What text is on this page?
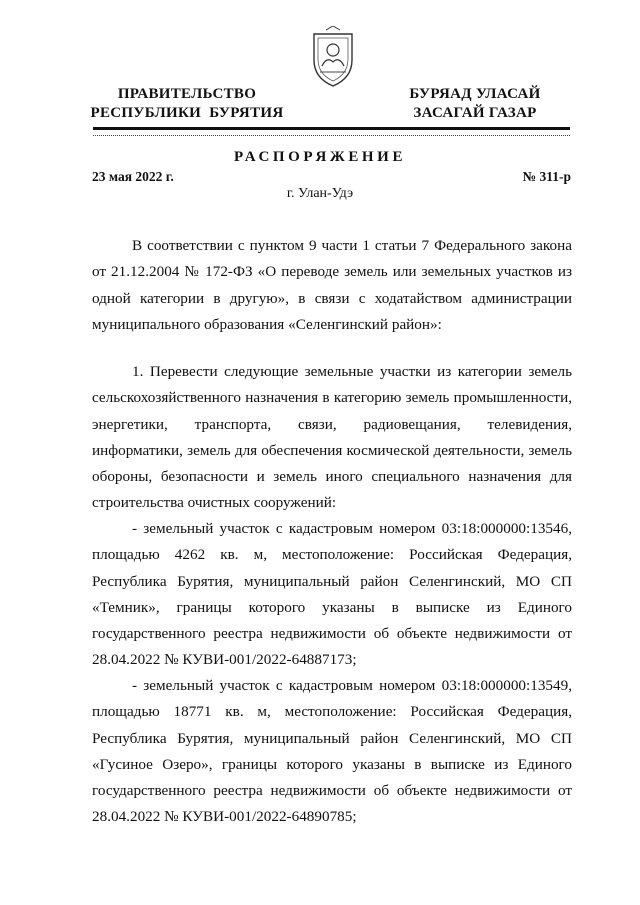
ПРАВИТЕЛЬСТВО
РЕСПУБЛИКИ  БУРЯТИЯ
БУРЯАД УЛАСАЙ
ЗАСАГАЙ ГАЗАР
РАСПОРЯЖЕНИЕ
23 мая 2022 г.	№ 311-р
г. Улан-Удэ

В соответствии с пунктом 9 части 1 статьи 7 Федерального закона от 21.12.2004 № 172-ФЗ «О переводе земель или земельных участков из одной категории в другую», в связи с ходатайством администрации муниципального образования «Селенгинский район»:

1. Перевести следующие земельные участки из категории земель сельскохозяйственного назначения в категорию земель промышленности, энергетики, транспорта, связи, радиовещания, телевидения, информатики, земель для обеспечения космической деятельности, земель обороны, безопасности и земель иного специального назначения для строительства очистных сооружений:

- земельный участок с кадастровым номером 03:18:000000:13546, площадью 4262 кв. м, местоположение: Российская Федерация, Республика Бурятия, муниципальный район Селенгинский, МО СП «Темник», границы которого указаны в выписке из Единого государственного реестра недвижимости об объекте недвижимости от 28.04.2022 № КУВИ-001/2022-64887173;

- земельный участок с кадастровым номером 03:18:000000:13549, площадью 18771 кв. м, местоположение: Российская Федерация, Республика Бурятия, муниципальный район Селенгинский, МО СП «Гусиное Озеро», границы которого указаны в выписке из Единого государственного реестра недвижимости об объекте недвижимости от 28.04.2022 № КУВИ-001/2022-64890785;
